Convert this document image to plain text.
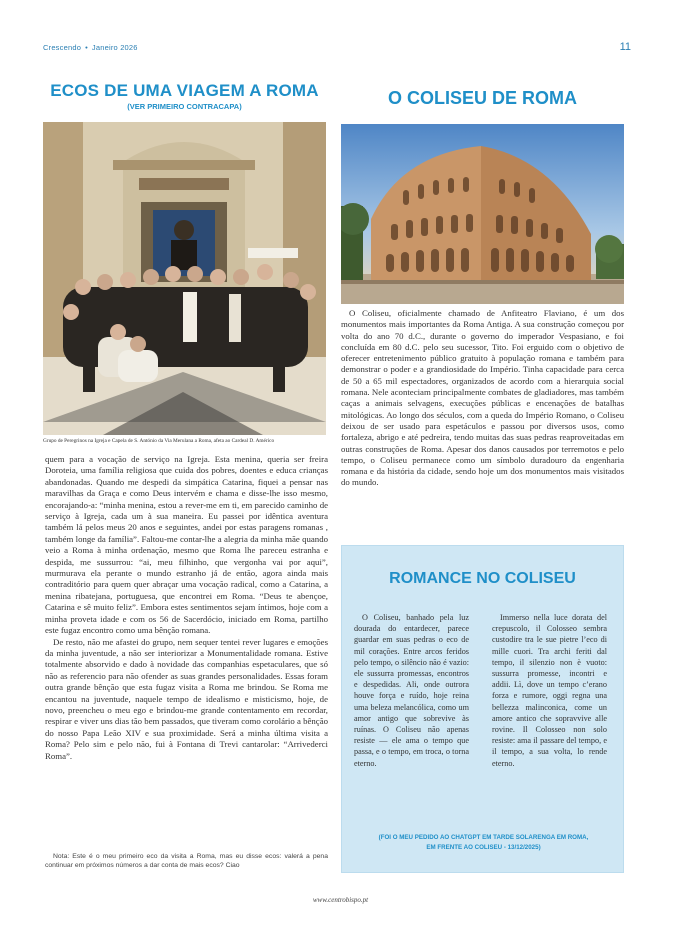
Crescendo • Janeiro 2026	11
ECOS DE UMA VIAGEM A ROMA
(VER PRIMEIRO CONTRACAPA)	O COLISEU DE ROMA
Grupo de Peregrinos na Igreja e Capela de S. António da Via Merulana a Roma, afeta ao Cardeal D. Américo

quem para a vocação de serviço na Igreja. Esta menina, queria ser freira Doroteia, uma família religiosa que cuida dos pobres, doentes e educa crianças abandonadas. Quando me despedi da simpática Catarina, fiquei a pensar nas maravilhas da Graça e como Deus intervém e chama e disse-lhe isso mesmo, encorajando-a: “minha menina, estou a rever-me em ti, em parecido caminho de serviço à Igreja, cada um à sua maneira. Eu passei por idêntica aventura também lá pelos meus 20 anos e seguintes, andei por estas paragens romanas , também longe da família”. Faltou-me contar-lhe a alegria da minha mãe quando veio a Roma à minha ordenação, mesmo que Roma lhe pareceu estranha e despida, me sussurrou: “ai, meu filhinho, que vergonha vai por aqui”, murmurava ela perante o mundo estranho já de então, agora ainda mais contraditório para quem quer abraçar uma vocação radical, como a Catarina, a menina ribatejana, portuguesa, que encontrei em Roma. “Deus te abençoe, Catarina e sê muito feliz”. Embora estes sentimentos sejam íntimos, hoje com a minha proveta idade e com os 56 de Sacerdócio, iniciado em Roma, partilho este fugaz encontro como uma bênção romana.

De resto, não me afastei do grupo, nem sequer tentei rever lugares e emoções da minha juventude, a não ser interiorizar a Monumentalidade romana. Estive totalmente absorvido e dado à novidade das companhias espetaculares, que só não as referencio para não ofender as suas grandes personalidades. Essas foram outra grande bênção que esta fugaz visita a Roma me brindou. Se Roma me encantou na juventude, naquele tempo de idealismo e misticismo, hoje, de novo, preencheu o meu ego e brindou-me grande contentamento em recordar, respirar e viver uns dias tão bem passados, que tiveram como corolário a bênção do nosso Papa Leão XIV e sua proximidade. Será a minha última visita a Roma? Pelo sim e pelo não, fui à Fontana di Trevi cantarolar: “Arrivederci Roma”.

Nota: Este é o meu primeiro eco da visita a Roma, mas eu disse ecos: valerá a pena continuar em próximos números a dar conta de mais ecos? Ciao

O Coliseu, oficialmente chamado de Anfiteatro Flaviano, é um dos monumentos mais importantes da Roma Antiga. A sua construção começou por volta do ano 70 d.C., durante o governo do imperador Vespasiano, e foi concluída em 80 d.C. pelo seu sucessor, Tito. Foi erguido com o objetivo de oferecer entretenimento público gratuito à população romana e também para demonstrar o poder e a grandiosidade do Império. Tinha capacidade para cerca de 50 a 65 mil espectadores, organizados de acordo com a hierarquia social romana. Nele aconteciam principalmente combates de gladiadores, mas também caças a animais selvagens, execuções públicas e encenações de batalhas mitológicas. Ao longo dos séculos, com a queda do Império Romano, o Coliseu deixou de ser usado para espetáculos e passou por diversos usos, como fortaleza, abrigo e até pedreira, tendo muitas das suas pedras reaproveitadas em outras construções de Roma. Apesar dos danos causados por terremotos e pelo tempo, o Coliseu permanece como um símbolo duradouro da engenharia romana e da história da cidade, sendo hoje um dos monumentos mais visitados do mundo.

ROMANCE NO COLISEU
O Coliseu, banhado pela luz dourada do entardecer, parece guardar em suas pedras o eco de mil corações. Entre arcos feridos pelo tempo, o silêncio não é vazio: ele sussurra promessas, encontros e despedidas. Ali, onde outrora houve força e ruído, hoje reina uma beleza melancólica, como um amor antigo que sobrevive às ruínas. O Coliseu não apenas resiste — ele ama o tempo que passa, e o tempo, em troca, o torna eterno.
Immerso nella luce dorata del crepuscolo, il Colosseo sembra custodire tra le sue pietre l’eco di mille cuori. Tra archi feriti dal tempo, il silenzio non è vuoto: sussurra promesse, incontri e addii. Lì, dove un tempo c’erano forza e rumore, oggi regna una bellezza malinconica, come un amore antico che sopravvive alle rovine. Il Colosseo non solo resiste: ama il passare del tempo, e il tempo, a sua volta, lo rende eterno.
(FOI O MEU PEDIDO AO CHATGPT EM TARDE SOLARENGA EM ROMA,
EM FRENTE AO COLISEU - 13/12/2025)
www.centrobispo.pt
